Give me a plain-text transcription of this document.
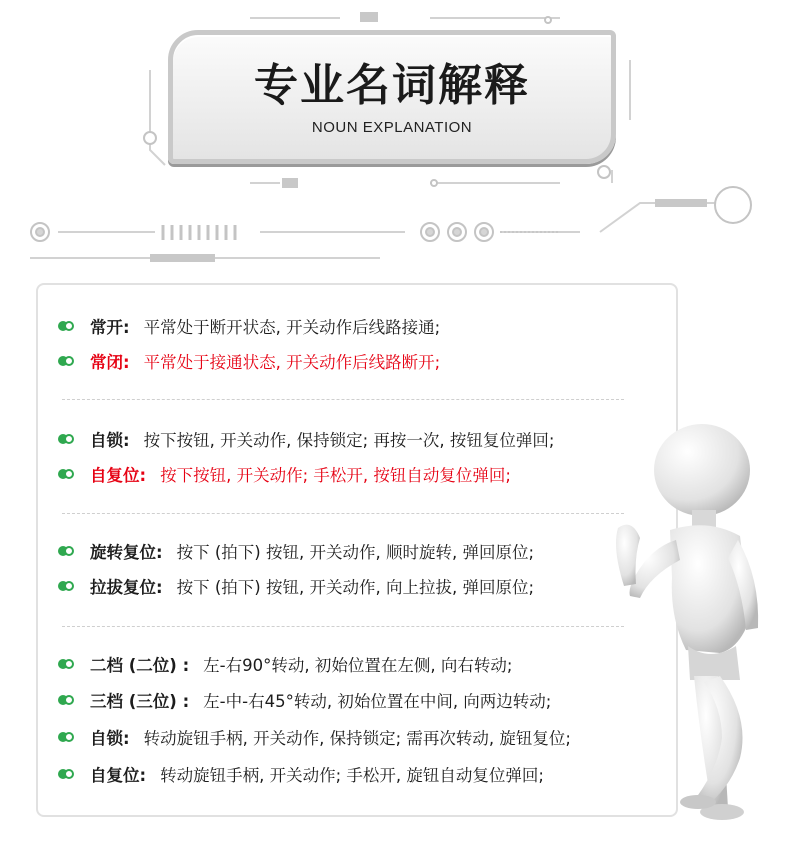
专业名词解释
NOUN EXPLANATION
常开: 平常处于断开状态, 开关动作后线路接通;
常闭: 平常处于接通状态, 开关动作后线路断开;
自锁: 按下按钮, 开关动作, 保持锁定; 再按一次, 按钮复位弹回;
自复位: 按下按钮, 开关动作; 手松开, 按钮自动复位弹回;
旋转复位: 按下 (拍下) 按钮, 开关动作, 顺时旋转, 弹回原位;
拉拔复位: 按下 (拍下) 按钮, 开关动作, 向上拉拔, 弹回原位;
二档 (二位) : 左-右90°转动, 初始位置在左侧, 向右转动;
三档 (三位) : 左-中-右45°转动, 初始位置在中间, 向两边转动;
自锁: 转动旋钮手柄, 开关动作, 保持锁定; 需再次转动, 旋钮复位;
自复位: 转动旋钮手柄, 开关动作; 手松开, 旋钮自动复位弹回;
